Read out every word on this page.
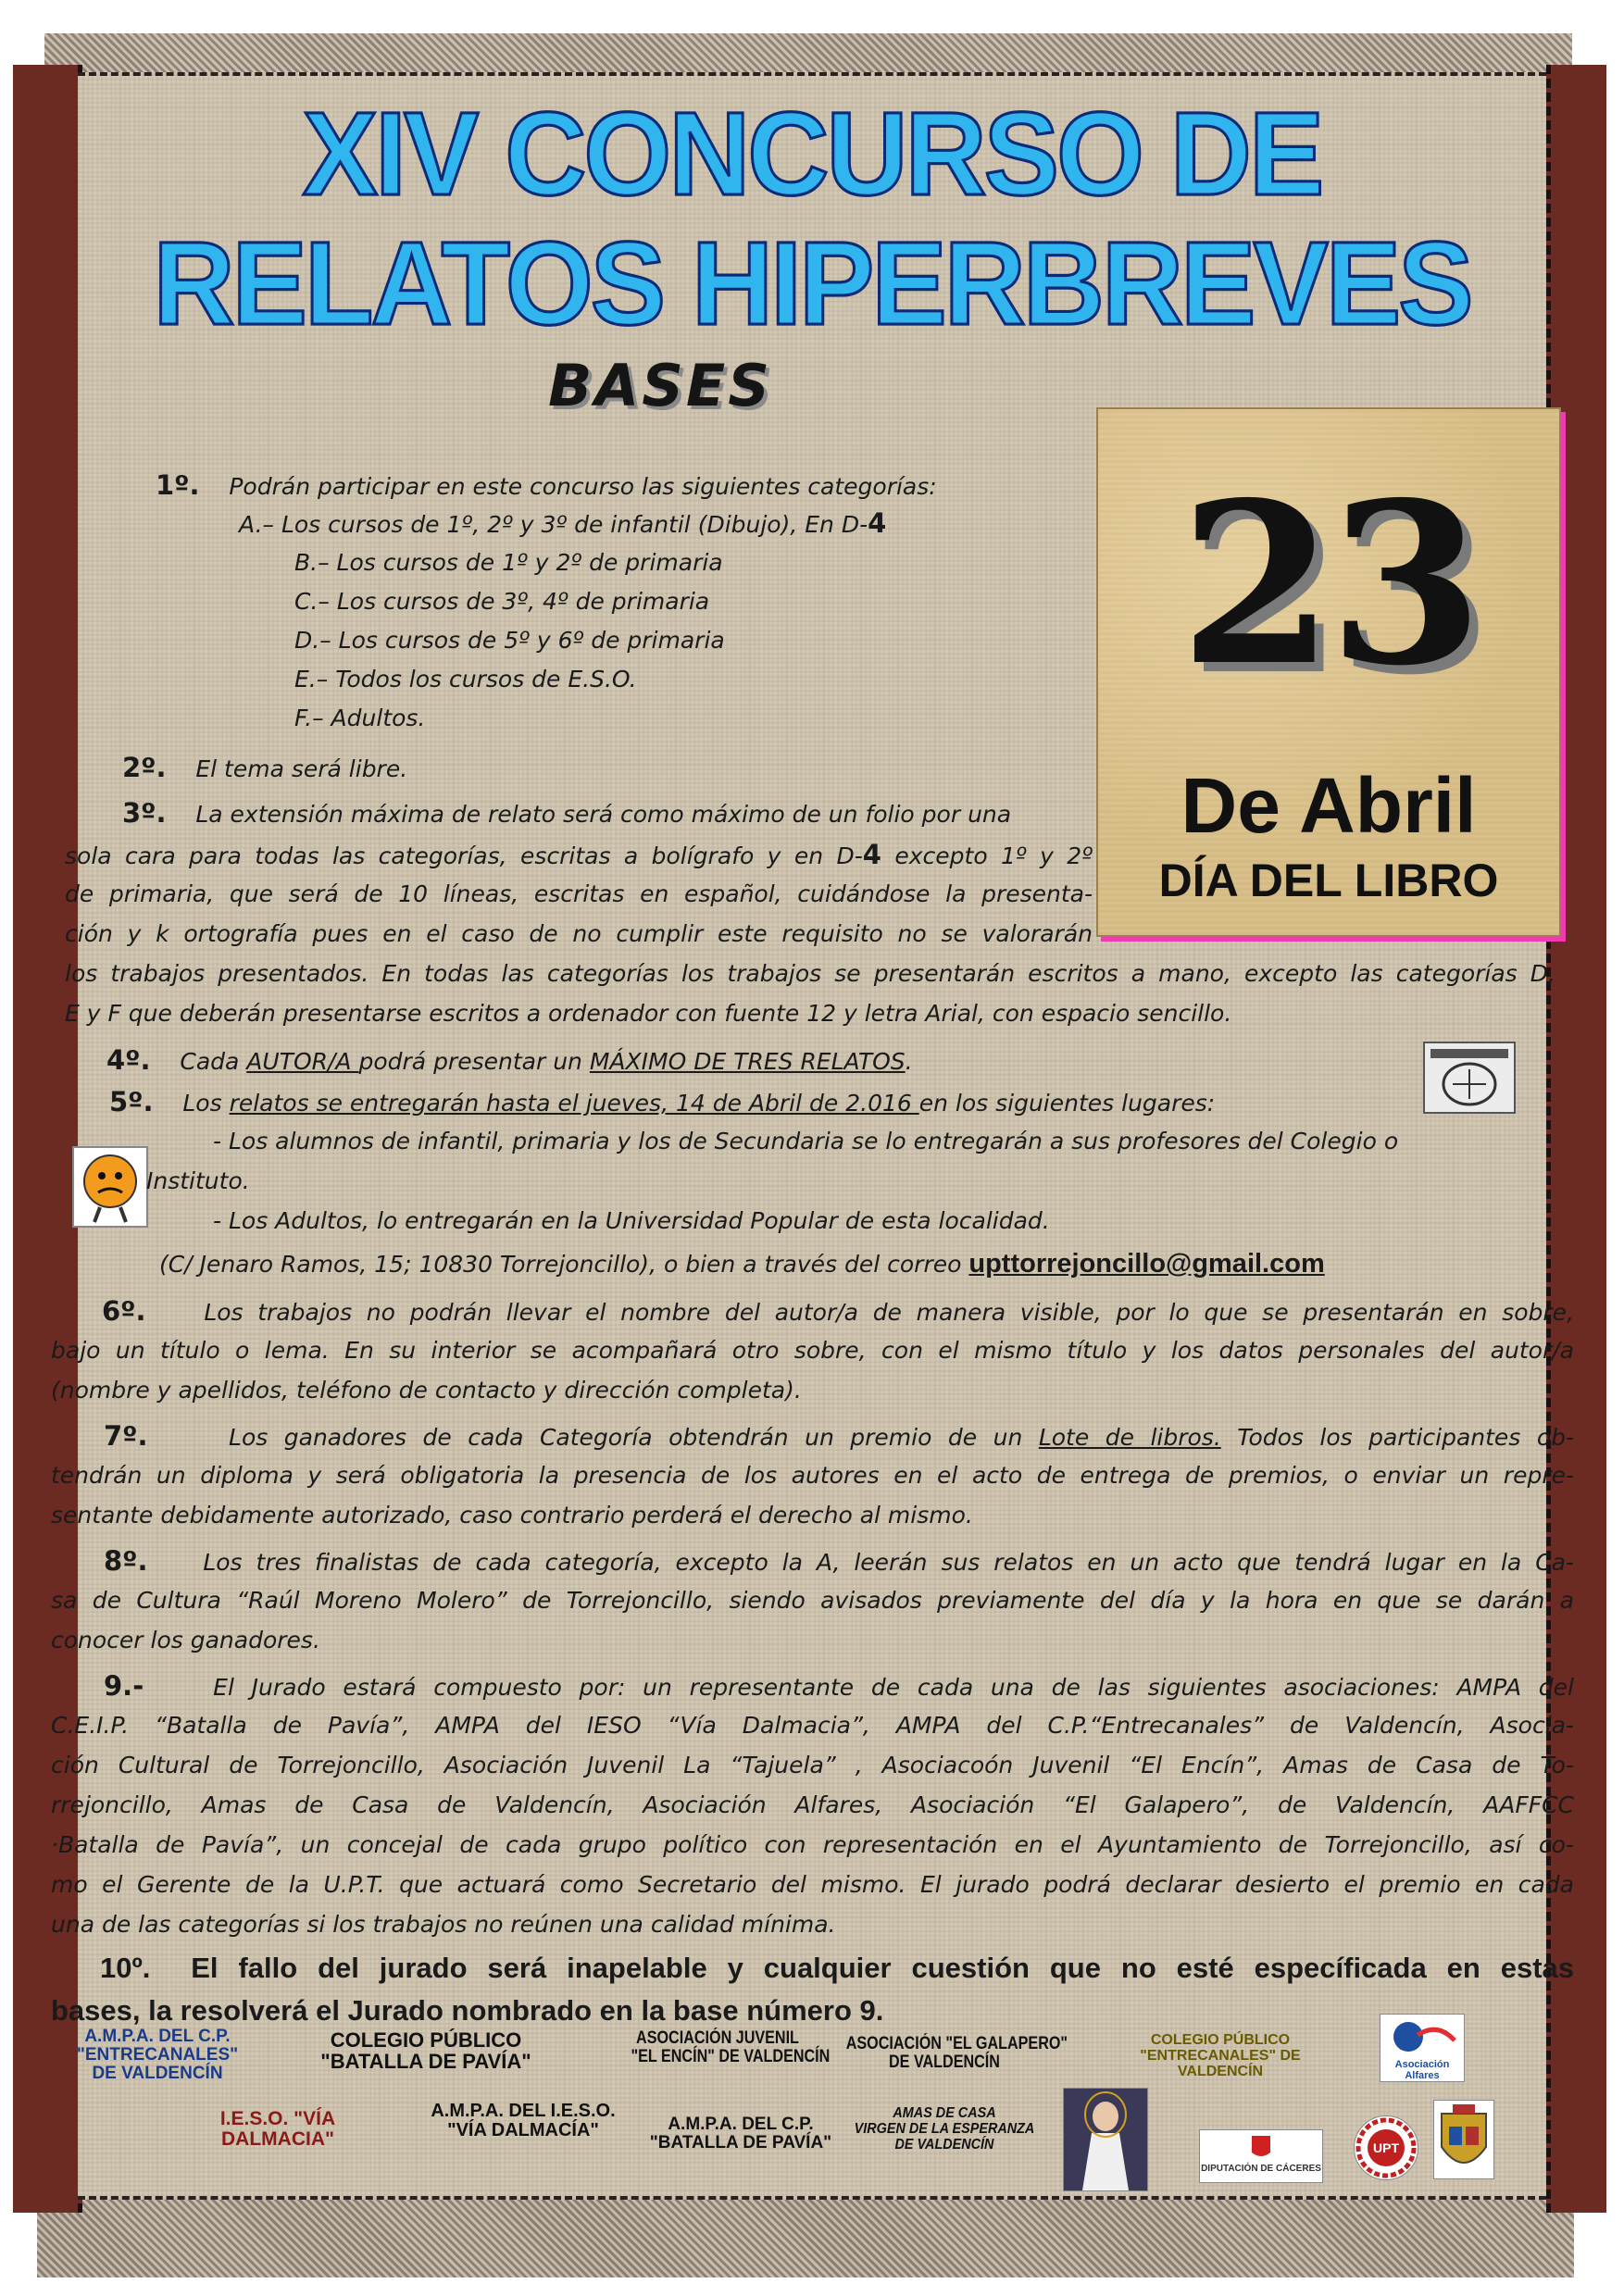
XIV CONCURSO DE
RELATOS HIPERBREVES
BASES
23
De Abril
DÍA DEL LIBRO
1º. Podrán participar en este concurso las siguientes categorías:
A.– Los cursos de 1º, 2º y 3º de infantil (Dibujo), En D-4
B.– Los cursos de 1º y 2º de primaria
C.– Los cursos de 3º, 4º de primaria
D.– Los cursos de 5º y 6º de primaria
E.– Todos los cursos de E.S.O.
F.– Adultos.
2º. El tema será libre.
3º. La extensión máxima de relato será como máximo de un folio por una
sola cara para todas las categorías, escritas a bolígrafo y en D-4 excepto 1º y 2º
de primaria, que será de 10 líneas, escritas en español, cuidándose la presenta-
ción y k ortografía pues en el caso de no cumplir este requisito no se valorarán
los trabajos presentados. En todas las categorías los trabajos se presentarán escritos a mano, excepto las categorías D,
E y F que deberán presentarse escritos a ordenador con fuente 12 y letra Arial, con espacio sencillo.
4º. Cada AUTOR/A podrá presentar un MÁXIMO DE TRES RELATOS.
5º. Los relatos se entregarán hasta el jueves, 14 de Abril de 2.016 en los siguientes lugares:
- Los alumnos de infantil, primaria y los de Secundaria se lo entregarán a sus profesores del Colegio o
Instituto.
- Los Adultos, lo entregarán en la Universidad Popular de esta localidad.
(C/ Jenaro Ramos, 15; 10830 Torrejoncillo), o bien a través del correo upttorrejoncillo@gmail.com
6º.	Los trabajos no podrán llevar el nombre del autor/a de manera visible, por lo que se presentarán en sobre,
bajo un título o lema. En su interior se acompañará otro sobre, con el mismo título y los datos personales del autor/a
(nombre y apellidos, teléfono de contacto y dirección completa).
7º.	Los ganadores de cada Categoría obtendrán un premio de un Lote de libros. Todos los participantes ob-
tendrán un diploma y será obligatoria la presencia de los autores en el acto de entrega de premios, o enviar un repre-
sentante debidamente autorizado, caso contrario perderá el derecho al mismo.
8º. Los tres finalistas de cada categoría, excepto la A, leerán sus relatos en un acto que tendrá lugar en la Ca-
sa de Cultura “Raúl Moreno Molero” de Torrejoncillo, siendo avisados previamente del día y la hora en que se darán a
conocer los ganadores.
9.-	El Jurado estará compuesto por: un representante de cada una de las siguientes asociaciones: AMPA del
C.E.I.P. “Batalla de Pavía”, AMPA del IESO “Vía Dalmacia”, AMPA del C.P.“Entrecanales” de Valdencín, Asocia-
ción Cultural de Torrejoncillo, Asociación Juvenil La “Tajuela” , Asociacoón Juvenil “El Encín”, Amas de Casa de To-
rrejoncillo, Amas de Casa de Valdencín, Asociación Alfares, Asociación “El Galapero”, de Valdencín, AAFFCC
·Batalla de Pavía”, un concejal de cada grupo político con representación en el Ayuntamiento de Torrejoncillo, así co-
mo el Gerente de la U.P.T. que actuará como Secretario del mismo. El jurado podrá declarar desierto el premio en cada
una de las categorías si los trabajos no reúnen una calidad mínima.
10º. El fallo del jurado será inapelable y cualquier cuestión que no esté específicada en estas
bases, la resolverá el Jurado nombrado en la base número 9.
A.M.P.A. DEL C.P.
"ENTRECANALES"
DE VALDENCÍN
COLEGIO PÚBLICO
"BATALLA DE PAVÍA"
ASOCIACIÓN JUVENIL
"EL ENCÍN" DE VALDENCÍN
ASOCIACIÓN "EL GALAPERO"
DE VALDENCÍN
COLEGIO PÚBLICO
"ENTRECANALES" DE
VALDENCÍN	Asociación Alfares
I.E.S.O. "VÍA
DALMACIA"
A.M.P.A. DEL I.E.S.O.
"VÍA DALMACÍA"	A.M.P.A. DEL C.P.
"BATALLA DE PAVÍA"
AMAS DE CASA
VIRGEN DE LA ESPERANZA
DE VALDENCÍN
DIPUTACIÓN DE CÁCERES
UPT
